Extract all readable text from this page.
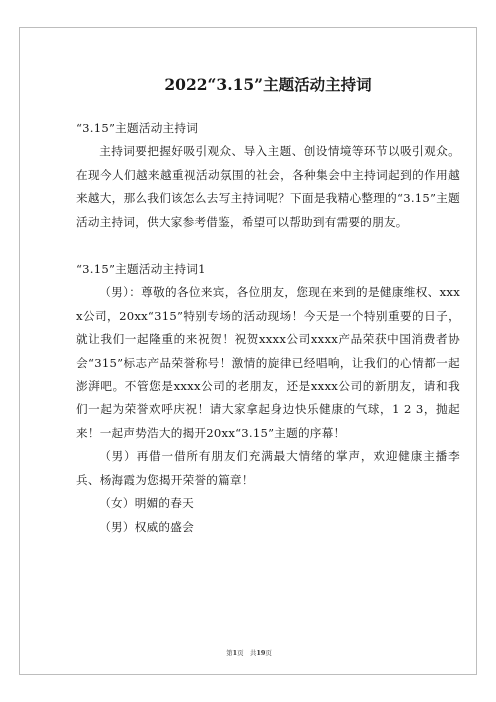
2022“3.15”主题活动主持词

“3.15”主题活动主持词

主持词要把握好吸引观众、导入主题、创设情境等环节以吸引观众。在现今人们越来越重视活动氛围的社会，各种集会中主持词起到的作用越来越大，那么我们该怎么去写主持词呢？下面是我精心整理的“3.15”主题活动主持词，供大家参考借鉴，希望可以帮助到有需要的朋友。

“3.15”主题活动主持词1

（男）：尊敬的各位来宾，各位朋友，您现在来到的是健康维权、xxxx公司，20xx“315”特别专场的活动现场！今天是一个特别重要的日子，就让我们一起隆重的来祝贺！祝贺xxxx公司xxxx产品荣获中国消费者协会“315”标志产品荣誉称号！激情的旋律已经唱响，让我们的心情都一起澎湃吧。不管您是xxxx公司的老朋友，还是xxxx公司的新朋友，请和我们一起为荣誉欢呼庆祝！请大家拿起身边快乐健康的气球，1 2 3，抛起来！一起声势浩大的揭开20xx“3.15”主题的序幕！

（男）再借一借所有朋友们充满最大情绪的掌声，欢迎健康主播李兵、杨海霞为您揭开荣誉的篇章！

（女）明媚的春天

（男）权威的盛会

第1页 共19页
